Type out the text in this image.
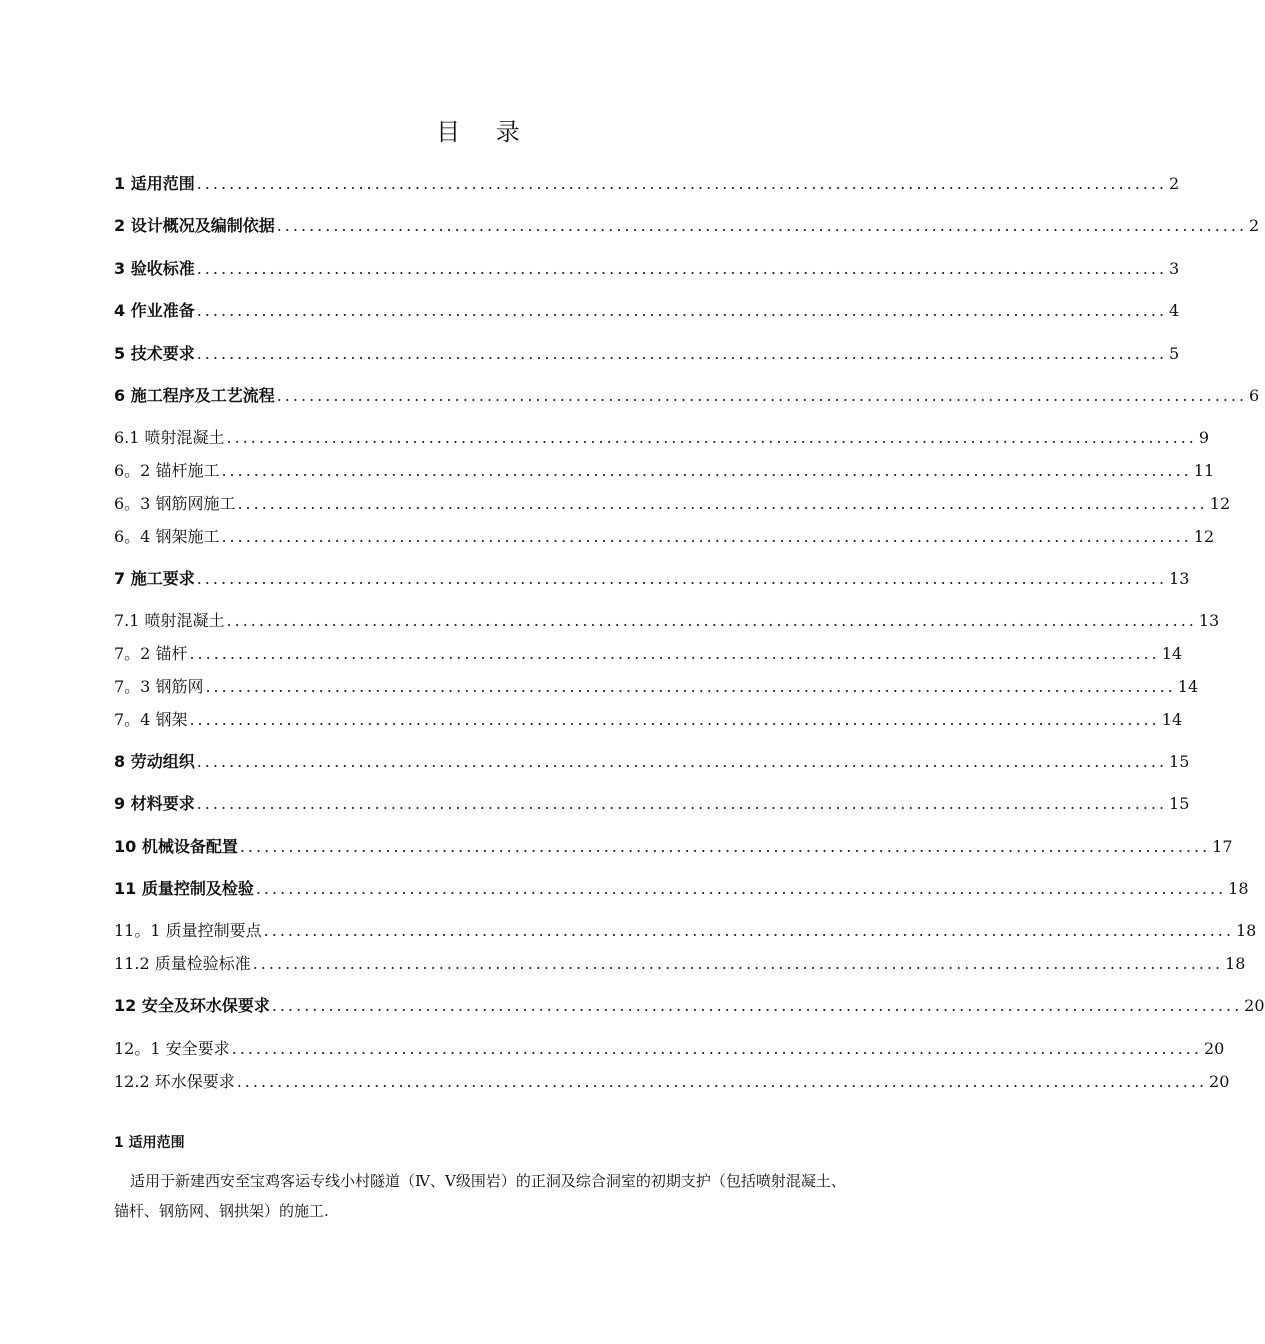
目 录
1 适用范围 ........................................................................................................................ 2
2 设计概况及编制依据 ........................................................................................................................ 2
3 验收标准 ........................................................................................................................ 3
4 作业准备 ........................................................................................................................ 4
5 技术要求 ........................................................................................................................ 5
6 施工程序及工艺流程 ........................................................................................................................ 6
6.1 喷射混凝土 ........................................................................................................................ 9
6。2 锚杆施工 ........................................................................................................................ 11
6。3 钢筋网施工 ........................................................................................................................ 12
6。4 钢架施工 ........................................................................................................................ 12
7 施工要求 ........................................................................................................................ 13
7.1 喷射混凝土 ........................................................................................................................ 13
7。2 锚杆 ........................................................................................................................ 14
7。3 钢筋网 ........................................................................................................................ 14
7。4 钢架 ........................................................................................................................ 14
8 劳动组织 ........................................................................................................................ 15
9 材料要求 ........................................................................................................................ 15
10 机械设备配置 ........................................................................................................................ 17
11 质量控制及检验 ........................................................................................................................ 18
11。1 质量控制要点 ........................................................................................................................ 18
11.2 质量检验标准 ........................................................................................................................ 18
12 安全及环水保要求 ........................................................................................................................ 20
12。1 安全要求 ........................................................................................................................ 20
12.2 环水保要求 ........................................................................................................................ 20
1 适用范围
适用于新建西安至宝鸡客运专线小村隧道（Ⅳ、Ⅴ级围岩）的正洞及综合洞室的初期支护（包括喷射混凝土、锚杆、钢筋网、钢拱架）的施工.
